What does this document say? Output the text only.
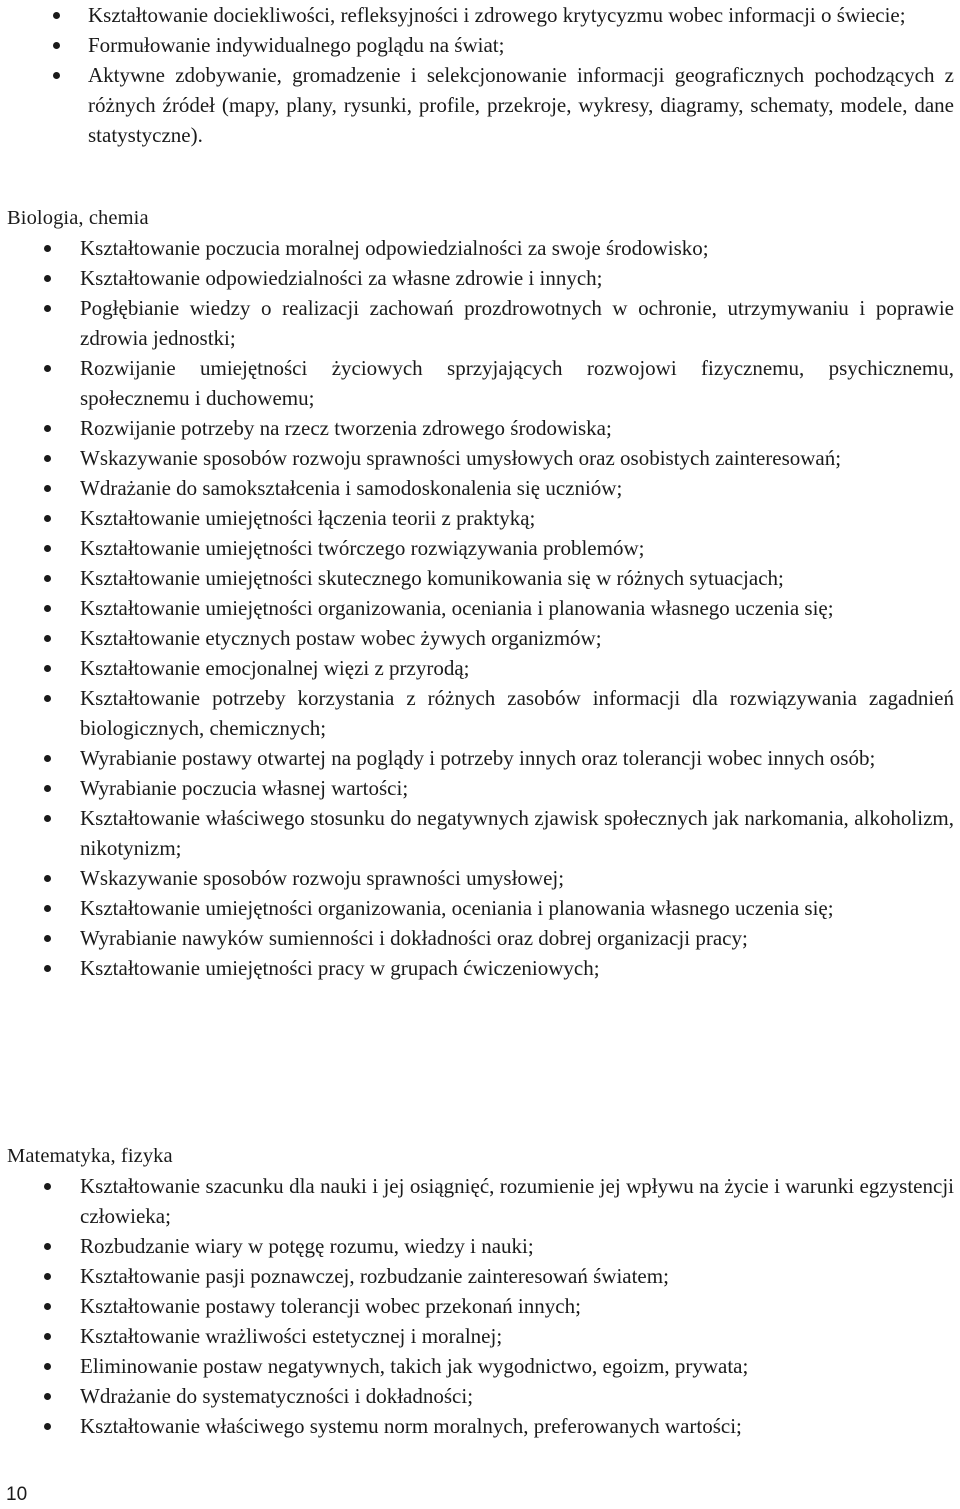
Kształtowanie dociekliwości, refleksyjności i zdrowego krytycyzmu wobec informacji o świecie;
Formułowanie indywidualnego poglądu na świat;
Aktywne zdobywanie, gromadzenie i selekcjonowanie informacji geograficznych pochodzących z różnych źródeł (mapy, plany, rysunki, profile, przekroje, wykresy, diagramy, schematy, modele, dane statystyczne).

Biologia, chemia

Kształtowanie poczucia moralnej odpowiedzialności za swoje środowisko;
Kształtowanie odpowiedzialności za własne zdrowie i innych;
Pogłębianie wiedzy o realizacji zachowań prozdrowotnych w ochronie, utrzymywaniu i poprawie zdrowia jednostki;
Rozwijanie umiejętności życiowych sprzyjających rozwojowi fizycznemu, psychicznemu, społecznemu i duchowemu;
Rozwijanie potrzeby na rzecz tworzenia zdrowego środowiska;
Wskazywanie sposobów rozwoju sprawności umysłowych oraz osobistych zainteresowań;
Wdrażanie do samokształcenia i samodoskonalenia się uczniów;
Kształtowanie umiejętności łączenia teorii z praktyką;
Kształtowanie umiejętności twórczego rozwiązywania problemów;
Kształtowanie umiejętności skutecznego komunikowania się w różnych sytuacjach;
Kształtowanie umiejętności organizowania, oceniania i planowania własnego uczenia się;
Kształtowanie etycznych postaw wobec żywych organizmów;
Kształtowanie emocjonalnej więzi z przyrodą;
Kształtowanie potrzeby korzystania z różnych zasobów informacji dla rozwiązywania zagadnień biologicznych, chemicznych;
Wyrabianie postawy otwartej na poglądy i potrzeby innych oraz tolerancji wobec innych osób;
Wyrabianie poczucia własnej wartości;
Kształtowanie właściwego stosunku do negatywnych zjawisk społecznych jak narkomania, alkoholizm, nikotynizm;
Wskazywanie sposobów rozwoju sprawności umysłowej;
Kształtowanie umiejętności organizowania, oceniania i planowania własnego uczenia się;
Wyrabianie nawyków sumienności i dokładności oraz dobrej organizacji pracy;
Kształtowanie umiejętności pracy w grupach ćwiczeniowych;

Matematyka, fizyka

Kształtowanie szacunku dla nauki i jej osiągnięć, rozumienie jej wpływu na życie i warunki egzystencji człowieka;
Rozbudzanie wiary w potęgę rozumu, wiedzy i nauki;
Kształtowanie pasji poznawczej, rozbudzanie zainteresowań światem;
Kształtowanie postawy tolerancji wobec przekonań innych;
Kształtowanie wrażliwości estetycznej i moralnej;
Eliminowanie postaw negatywnych, takich jak wygodnictwo, egoizm, prywata;
Wdrażanie do systematyczności i dokładności;
Kształtowanie właściwego systemu norm moralnych, preferowanych wartości;
10
